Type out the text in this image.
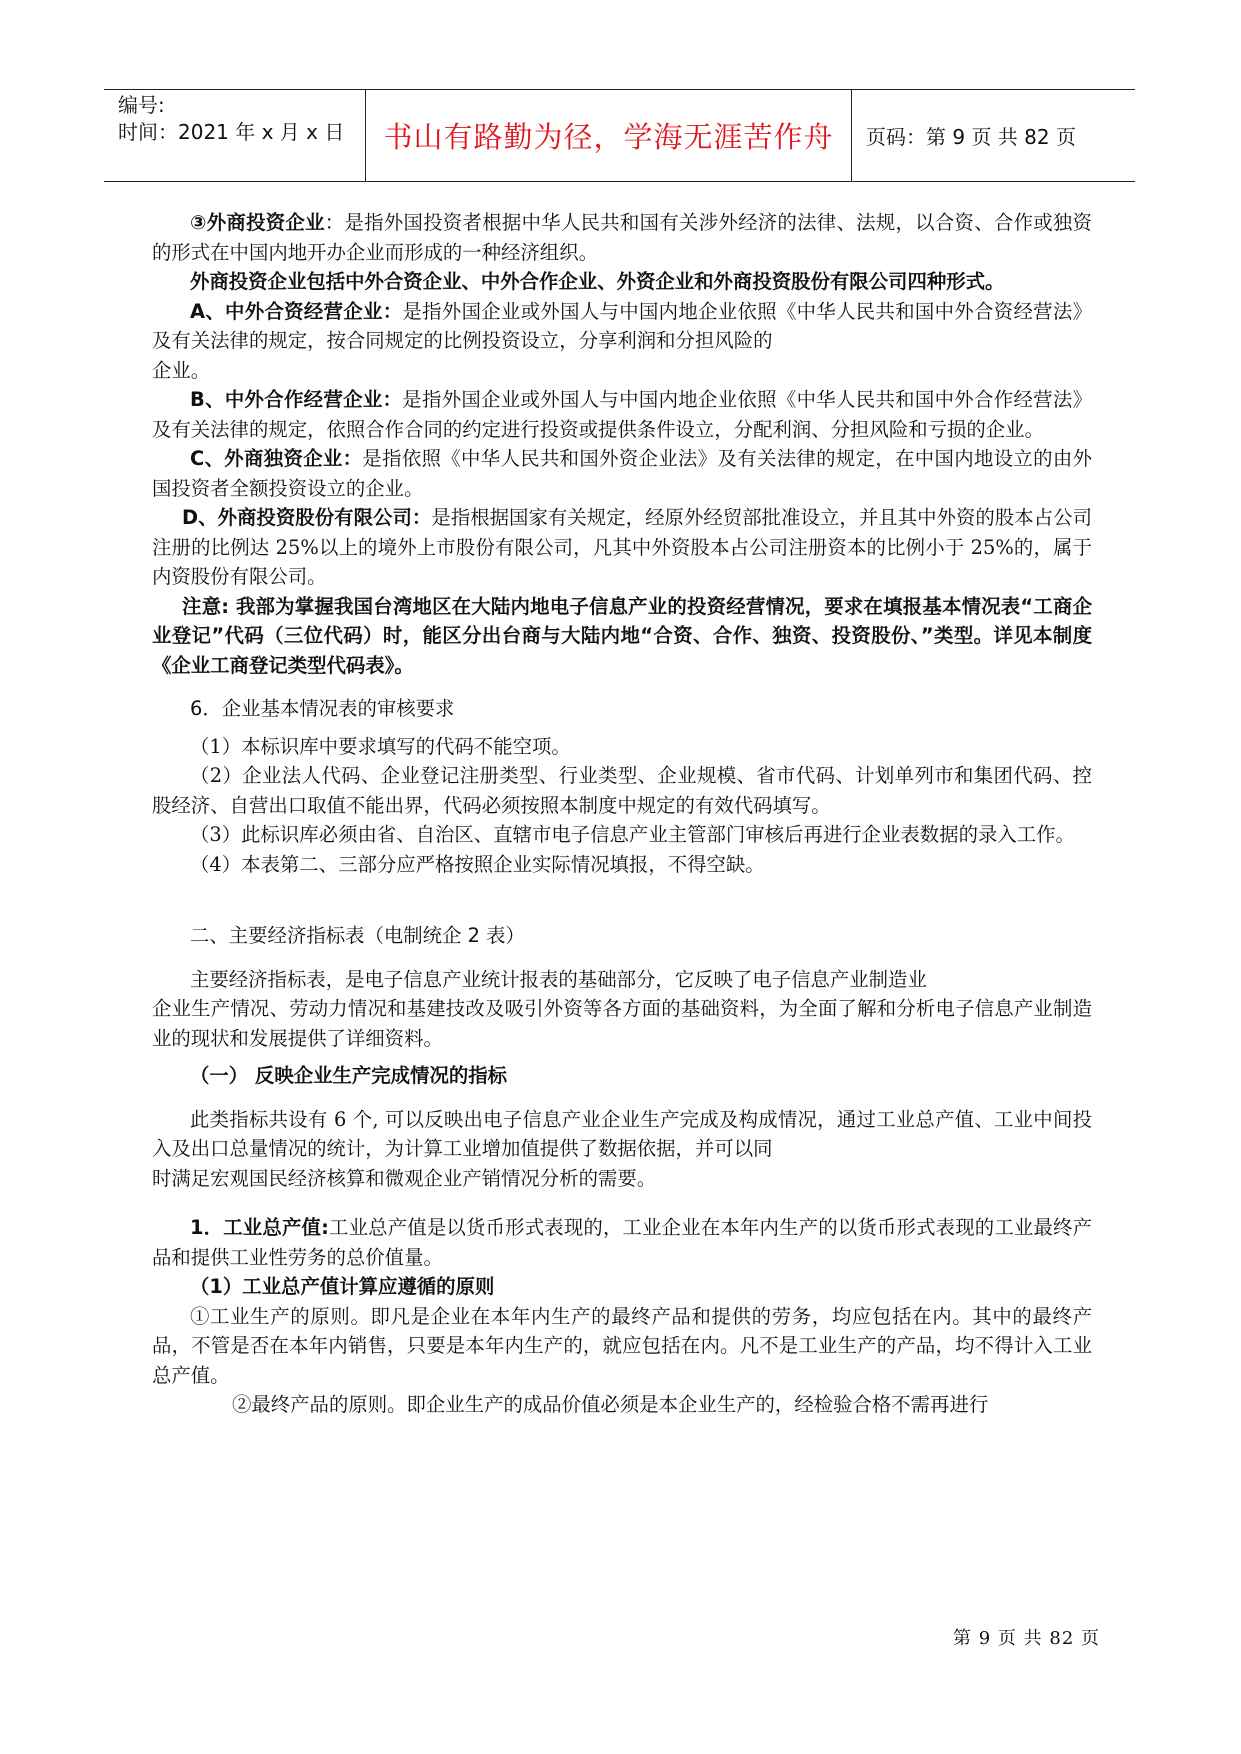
编号:
时间：2021 年 x 月 x 日	书山有路勤为径，学海无涯苦作舟	页码：第 9 页 共 82 页

③外商投资企业：是指外国投资者根据中华人民共和国有关涉外经济的法律、法规，以合资、合作或独资的形式在中国内地开办企业而形成的一种经济组织。

外商投资企业包括中外合资企业、中外合作企业、外资企业和外商投资股份有限公司四种形式。

A、中外合资经营企业：是指外国企业或外国人与中国内地企业依照《中华人民共和国中外合资经营法》及有关法律的规定，按合同规定的比例投资设立，分享利润和分担风险的

企业。

B、中外合作经营企业：是指外国企业或外国人与中国内地企业依照《中华人民共和国中外合作经营法》及有关法律的规定，依照合作合同的约定进行投资或提供条件设立，分配利润、分担风险和亏损的企业。

C、外商独资企业：是指依照《中华人民共和国外资企业法》及有关法律的规定，在中国内地设立的由外国投资者全额投资设立的企业。

D、外商投资股份有限公司：是指根据国家有关规定，经原外经贸部批准设立，并且其中外资的股本占公司注册的比例达 25%以上的境外上市股份有限公司，凡其中外资股本占公司注册资本的比例小于 25%的，属于内资股份有限公司。

注意: 我部为掌握我国台湾地区在大陆内地电子信息产业的投资经营情况，要求在填报基本情况表“工商企业登记”代码（三位代码）时，能区分出台商与大陆内地“合资、合作、独资、投资股份、”类型。详见本制度《企业工商登记类型代码表》。

6．企业基本情况表的审核要求

（1）本标识库中要求填写的代码不能空项。

（2）企业法人代码、企业登记注册类型、行业类型、企业规模、省市代码、计划单列市和集团代码、控股经济、自营出口取值不能出界，代码必须按照本制度中规定的有效代码填写。

（3）此标识库必须由省、自治区、直辖市电子信息产业主管部门审核后再进行企业表数据的录入工作。

（4）本表第二、三部分应严格按照企业实际情况填报，不得空缺。

二、主要经济指标表（电制统企 2 表）

主要经济指标表，是电子信息产业统计报表的基础部分，它反映了电子信息产业制造业

企业生产情况、劳动力情况和基建技改及吸引外资等各方面的基础资料，为全面了解和分析电子信息产业制造业的现状和发展提供了详细资料。

（一） 反映企业生产完成情况的指标

此类指标共设有 6 个, 可以反映出电子信息产业企业生产完成及构成情况，通过工业总产值、工业中间投入及出口总量情况的统计，为计算工业增加值提供了数据依据，并可以同

时满足宏观国民经济核算和微观企业产销情况分析的需要。

1．工业总产值:工业总产值是以货币形式表现的，工业企业在本年内生产的以货币形式表现的工业最终产品和提供工业性劳务的总价值量。

（1）工业总产值计算应遵循的原则

①工业生产的原则。即凡是企业在本年内生产的最终产品和提供的劳务，均应包括在内。其中的最终产品，不管是否在本年内销售，只要是本年内生产的，就应包括在内。凡不是工业生产的产品，均不得计入工业总产值。

②最终产品的原则。即企业生产的成品价值必须是本企业生产的，经检验合格不需再进行

第 9 页 共 82 页
